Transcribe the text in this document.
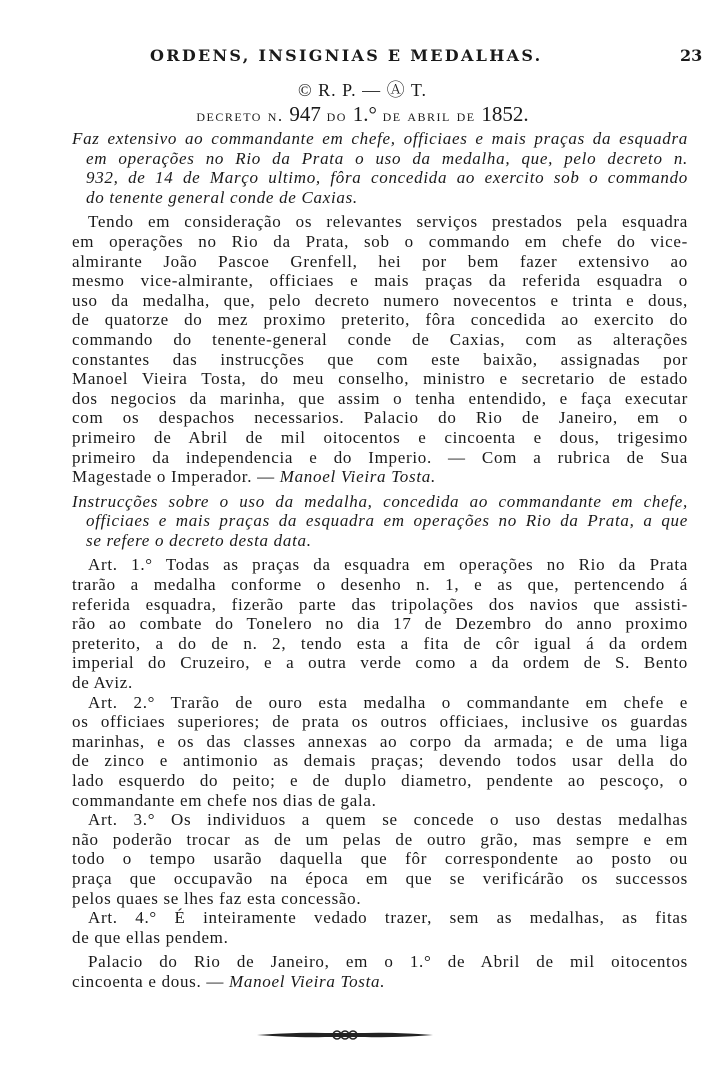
ORDENS, INSIGNIAS E MEDALHAS.	23
© R. P. — Ⓐ T.
decreto n. 947 do 1.° de abril de 1852.
Faz extensivo ao commandante em chefe, officiaes e mais praças da esquadra
em operações no Rio da Prata o uso da medalha, que, pelo decreto n.
932, de 14 de Março ultimo, fôra concedida ao exercito sob o commando
do tenente general conde de Caxias.
Tendo em consideração os relevantes serviços prestados pela esquadra
em operações no Rio da Prata, sob o commando em chefe do vice-
almirante João Pascoe Grenfell, hei por bem fazer extensivo ao
mesmo vice-almirante, officiaes e mais praças da referida esquadra o
uso da medalha, que, pelo decreto numero novecentos e trinta e dous,
de quatorze do mez proximo preterito, fôra concedida ao exercito do
commando do tenente-general conde de Caxias, com as alterações
constantes das instrucções que com este baixão, assignadas por
Manoel Vieira Tosta, do meu conselho, ministro e secretario de estado
dos negocios da marinha, que assim o tenha entendido, e faça executar
com os despachos necessarios. Palacio do Rio de Janeiro, em o
primeiro de Abril de mil oitocentos e cincoenta e dous, trigesimo
primeiro da independencia e do Imperio. — Com a rubrica de Sua
Magestade o Imperador. — Manoel Vieira Tosta.
Instrucções sobre o uso da medalha, concedida ao commandante em chefe,
officiaes e mais praças da esquadra em operações no Rio da Prata, a que
se refere o decreto desta data.
Art. 1.° Todas as praças da esquadra em operações no Rio da Prata
trarão a medalha conforme o desenho n. 1, e as que, pertencendo á
referida esquadra, fizerão parte das tripolações dos navios que assisti-
rão ao combate do Tonelero no dia 17 de Dezembro do anno proximo
preterito, a do de n. 2, tendo esta a fita de côr igual á da ordem
imperial do Cruzeiro, e a outra verde como a da ordem de S. Bento
de Aviz.
Art. 2.° Trarão de ouro esta medalha o commandante em chefe e
os officiaes superiores; de prata os outros officiaes, inclusive os guardas
marinhas, e os das classes annexas ao corpo da armada; e de uma liga
de zinco e antimonio as demais praças; devendo todos usar della do
lado esquerdo do peito; e de duplo diametro, pendente ao pescoço, o
commandante em chefe nos dias de gala.
Art. 3.° Os individuos a quem se concede o uso destas medalhas
não poderão trocar as de um pelas de outro grão, mas sempre e em
todo o tempo usarão daquella que fôr correspondente ao posto ou
praça que occupavão na época em que se verificárão os successos
pelos quaes se lhes faz esta concessão.
Art. 4.° É inteiramente vedado trazer, sem as medalhas, as fitas
de que ellas pendem.
Palacio do Rio de Janeiro, em o 1.° de Abril de mil oitocentos
cincoenta e dous. — Manoel Vieira Tosta.
